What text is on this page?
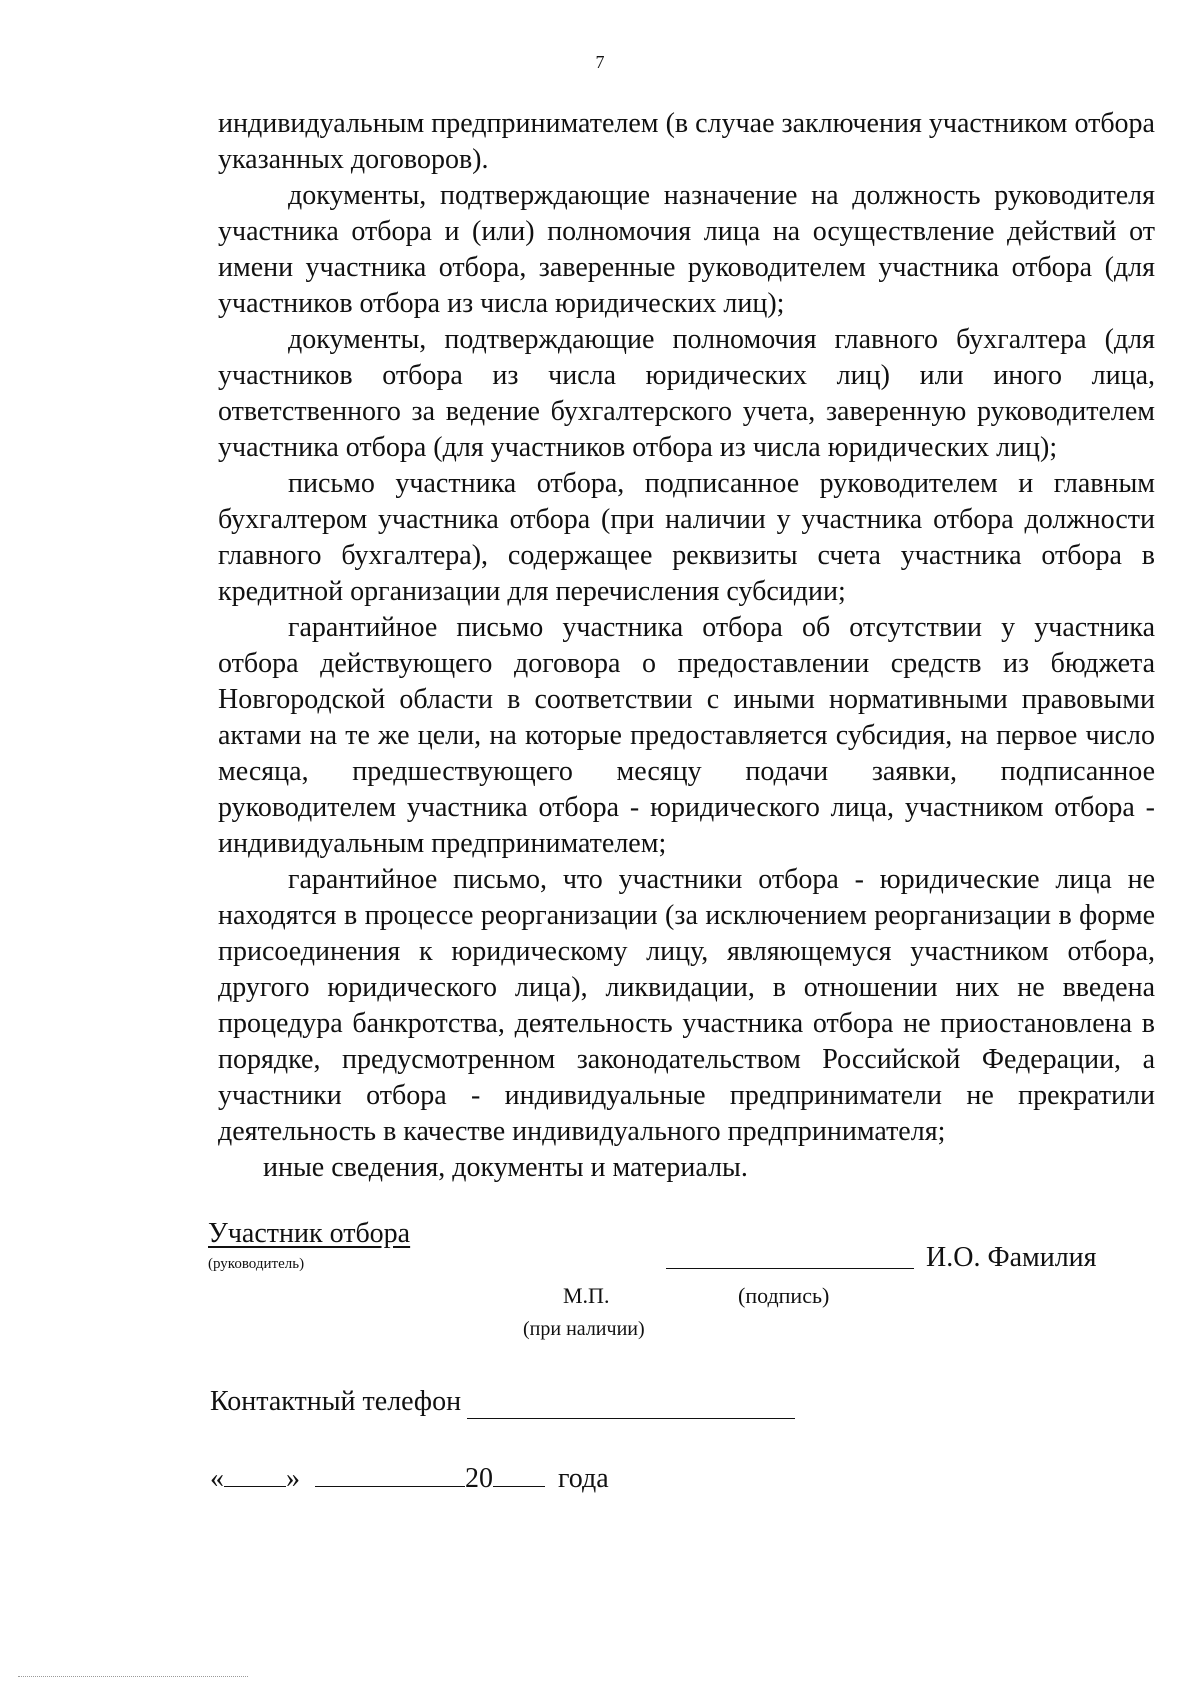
7

индивидуальным предпринимателем (в случае заключения участником отбора указанных договоров).

документы, подтверждающие назначение на должность руководителя участника отбора и (или) полномочия лица на осуществление действий от имени участника отбора, заверенные руководителем участника отбора (для участников отбора из числа юридических лиц);

документы, подтверждающие полномочия главного бухгалтера (для участников отбора из числа юридических лиц) или иного лица, ответственного за ведение бухгалтерского учета, заверенную руководителем участника отбора (для участников отбора из числа юридических лиц);

письмо участника отбора, подписанное руководителем и главным бухгалтером участника отбора (при наличии у участника отбора должности главного бухгалтера), содержащее реквизиты счета участника отбора в кредитной организации для перечисления субсидии;

гарантийное письмо участника отбора об отсутствии у участника отбора действующего договора о предоставлении средств из бюджета Новгородской области в соответствии с иными нормативными правовыми актами на те же цели, на которые предоставляется субсидия, на первое число месяца, предшествующего месяцу подачи заявки, подписанное руководителем участника отбора - юридического лица, участником отбора - индивидуальным предпринимателем;

гарантийное письмо, что участники отбора - юридические лица не находятся в процессе реорганизации (за исключением реорганизации в форме присоединения к юридическому лицу, являющемуся участником отбора, другого юридического лица), ликвидации, в отношении них не введена процедура банкротства, деятельность участника отбора не приостановлена в порядке, предусмотренном законодательством Российской Федерации, а участники отбора - индивидуальные предприниматели не прекратили деятельность в качестве индивидуального предпринимателя;

иные сведения, документы и материалы.

Участник отбора
(руководитель)	И.О. Фамилия
М.П.	(подпись)
(при наличии)
Контактный телефон
« »	20 года
